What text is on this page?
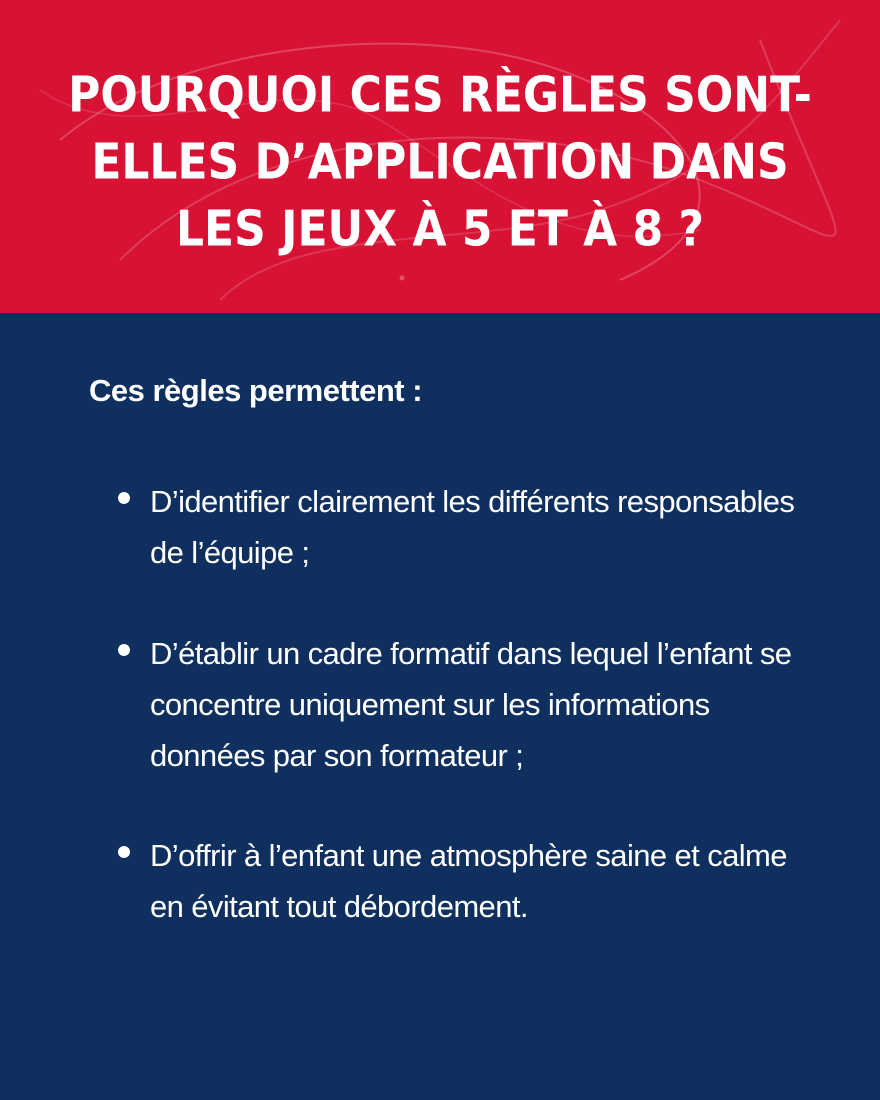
POURQUOI CES RÈGLES SONT-ELLES D’APPLICATION DANS LES JEUX À 5 ET À 8 ?

Ces règles permettent :

D’identifier clairement les différents responsables de l’équipe ;

D’établir un cadre formatif dans lequel l’enfant se concentre uniquement sur les informations données par son formateur ;

D’offrir à l’enfant une atmosphère saine et calme en évitant tout débordement.
